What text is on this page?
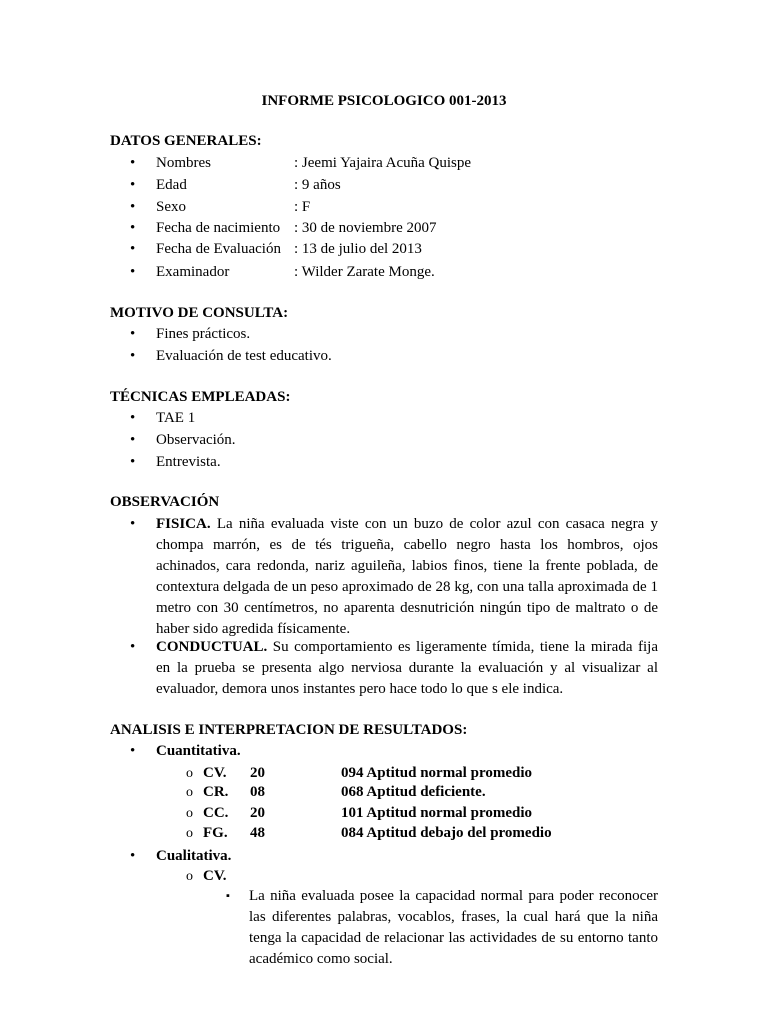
INFORME PSICOLOGICO 001-2013
DATOS GENERALES:
• Nombres	: Jeemi Yajaira Acuña Quispe
• Edad	: 9 años
• Sexo	: F
• Fecha de nacimiento : 30 de noviembre 2007
• Fecha de Evaluación : 13 de julio del 2013
• Examinador	: Wilder Zarate Monge.
MOTIVO DE CONSULTA:
• Fines prácticos.
• Evaluación de test educativo.
TÉCNICAS EMPLEADAS:
• TAE 1
• Observación.
• Entrevista.
OBSERVACIÓN
• FISICA. La niña evaluada viste con un buzo de color azul con casaca negra y chompa marrón, es de tés trigueña, cabello negro hasta los hombros, ojos achinados, cara redonda, nariz aguileña, labios finos, tiene la frente poblada, de contextura delgada de un peso aproximado de 28 kg, con una talla aproximada de 1 metro con 30 centímetros, no aparenta desnutrición ningún tipo de maltrato o de haber sido agredida físicamente.
• CONDUCTUAL. Su comportamiento es ligeramente tímida, tiene la mirada fija en la prueba se presenta algo nerviosa durante la evaluación y al visualizar al evaluador, demora unos instantes pero hace todo lo que s ele indica.
ANALISIS E INTERPRETACION DE RESULTADOS:
• Cuantitativa.
o CV. 20	094 Aptitud normal promedio
o CR. 08	068 Aptitud deficiente.
o CC. 20	101 Aptitud normal promedio
o FG. 48	084 Aptitud debajo del promedio
• Cualitativa.
o CV.
▪ La niña evaluada posee la capacidad normal para poder reconocer las diferentes palabras, vocablos, frases, la cual hará que la niña tenga la capacidad de relacionar las actividades de su entorno tanto académico como social.
